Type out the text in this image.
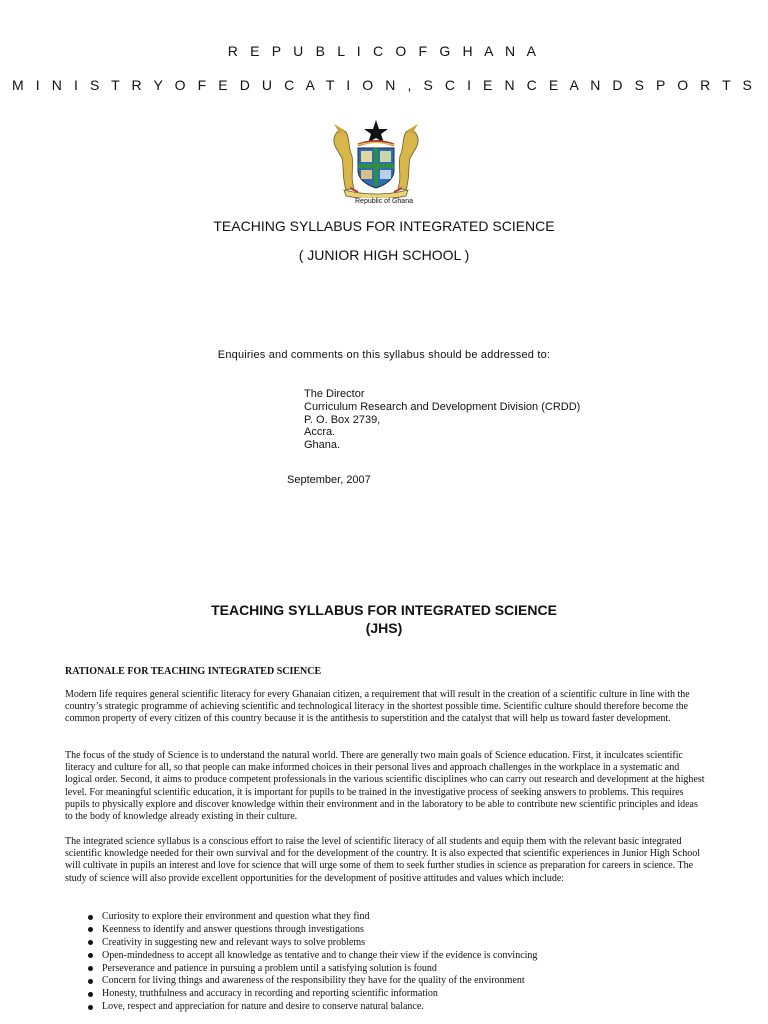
R E P U B L I C O F G H A N A
M I N I S T R Y O F E D U C A T I O N , S C I E N C E A N D S P O R T S
Republic of Ghana
TEACHING SYLLABUS FOR INTEGRATED SCIENCE
( JUNIOR HIGH SCHOOL )
Enquiries and comments on this syllabus should be addressed to:
The Director
Curriculum Research and Development Division (CRDD)
P. O. Box 2739,
Accra.
Ghana.
September, 2007
TEACHING SYLLABUS FOR INTEGRATED SCIENCE
(JHS)
RATIONALE FOR TEACHING INTEGRATED SCIENCE

Modern life requires general scientific literacy for every Ghanaian citizen, a requirement that will result in the creation of a scientific culture in line with the country’s strategic programme of achieving scientific and technological literacy in the shortest possible time. Scientific culture should therefore become the common property of every citizen of this country because it is the antithesis to superstition and the catalyst that will help us toward faster development.

The focus of the study of Science is to understand the natural world. There are generally two main goals of Science education. First, it inculcates scientific literacy and culture for all, so that people can make informed choices in their personal lives and approach challenges in the workplace in a systematic and logical order. Second, it aims to produce competent professionals in the various scientific disciplines who can carry out research and development at the highest level. For meaningful scientific education, it is important for pupils to be trained in the investigative process of seeking answers to problems. This requires pupils to physically explore and discover knowledge within their environment and in the laboratory to be able to contribute new scientific principles and ideas to the body of knowledge already existing in their culture.

The integrated science syllabus is a conscious effort to raise the level of scientific literacy of all students and equip them with the relevant basic integrated scientific knowledge needed for their own survival and for the development of the country. It is also expected that scientific experiences in Junior High School will cultivate in pupils an interest and love for science that will urge some of them to seek further studies in science as preparation for careers in science. The study of science will also provide excellent opportunities for the development of positive attitudes and values which include:

Curiosity to explore their environment and question what they find
Keenness to identify and answer questions through investigations
Creativity in suggesting new and relevant ways to solve problems
Open-mindedness to accept all knowledge as tentative and to change their view if the evidence is convincing
Perseverance and patience in pursuing a problem until a satisfying solution is found
Concern for living things and awareness of the responsibility they have for the quality of the environment
Honesty, truthfulness and accuracy in recording and reporting scientific information
Love, respect and appreciation for nature and desire to conserve natural balance.
